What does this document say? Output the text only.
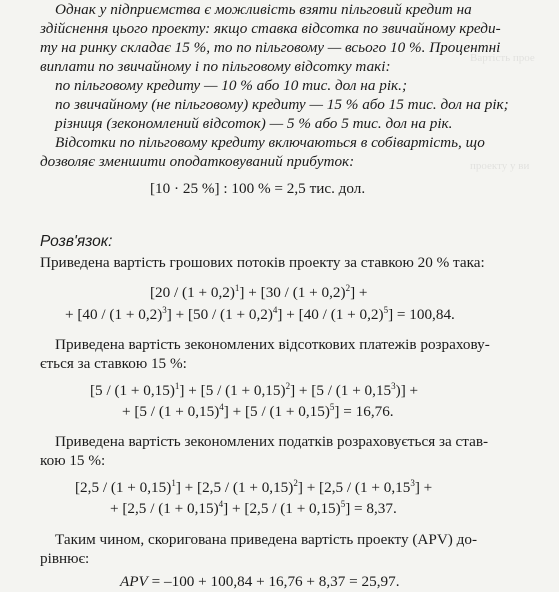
Вартість прое
проекту у ви
Однак у підприємства є можливість взяти пільговий кредит на
здійснення цього проекту: якщо ставка відсотка по звичайному креди-
ту на ринку складає 15 %, то по пільговому — всього 10 %. Процентні
виплати по звичайному і по пільговому відсотку такі:
по пільговому кредиту — 10 % або 10 тис. дол на рік.;
по звичайному (не пільговому) кредиту — 15 % або 15 тис. дол на рік;
різниця (зекономлений відсоток) — 5 % або 5 тис. дол на рік.
Відсотки по пільговому кредиту включаються в собівартість, що
дозволяє зменшити оподатковуваний прибуток:
[10 · 25 %] : 100 % = 2,5 тис. дол.
Розв'язок:
Приведена вартість грошових потоків проекту за ставкою 20 % така:
$[20 / (1 + 0,2)^1] + [30 / (1 + 0,2)^2]$ +
+ $[40 / (1 + 0,2)^3] + [50 / (1 + 0,2)^4] + [40 / (1 + 0,2)^5] = 100,84$.
Приведена вартість зекономлених відсоткових платежів розрахову-
ється за ставкою 15 %:
$[5 / (1 + 0,15)^1] + [5 / (1 + 0,15)^2] + [5 / (1 + 0,15^3)]$ +
+ $[5 / (1 + 0,15)^4] + [5 / (1 + 0,15)^5] = 16,76$.
Приведена вартість зекономлених податків розраховується за став-
кою 15 %:
$[2,5 / (1 + 0,15)^1] + [2,5 / (1 + 0,15)^2] + [2,5 / (1 + 0,15^3]$ +
+ $[2,5 / (1 + 0,15)^4] + [2,5 / (1 + 0,15)^5] = 8,37$.
Таким чином, скоригована приведена вартість проекту (APV) до-
рівнює:
APV = –100 + 100,84 + 16,76 + 8,37 = 25,97.
